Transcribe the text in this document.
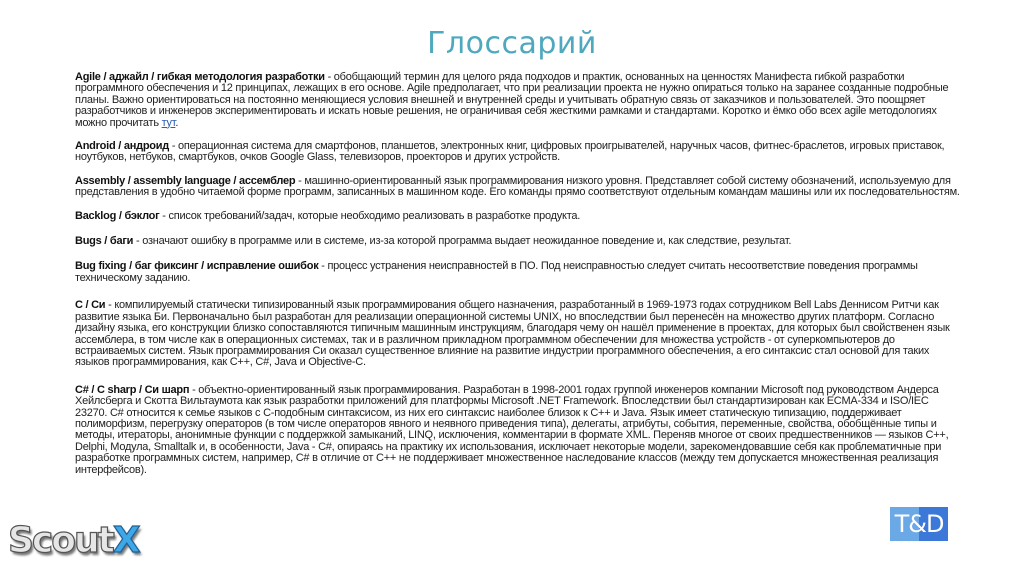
Глоссарий

Agile / аджайл / гибкая методология разработки - обобщающий термин для целого ряда подходов и практик, основанных на ценностях Манифеста гибкой разработки программного обеспечения и 12 принципах, лежащих в его основе. Agile предполагает, что при реализации проекта не нужно опираться только на заранее созданные подробные планы. Важно ориентироваться на постоянно меняющиеся условия внешней и внутренней среды и учитывать обратную связь от заказчиков и пользователей. Это поощряет разработчиков и инженеров экспериментировать и искать новые решения, не ограничивая себя жесткими рамками и стандартами. Коротко и ёмко обо всех agile методологиях можно прочитать тут.

Android / андроид - операционная система для смартфонов, планшетов, электронных книг, цифровых проигрывателей, наручных часов, фитнес-браслетов, игровых приставок, ноутбуков, нетбуков, смартбуков, очков Google Glass, телевизоров, проекторов и других устройств.

Assembly / assembly language / ассемблер - машинно-ориентированный язык программирования низкого уровня. Представляет собой систему обозначений, используемую для представления в удобно читаемой форме программ, записанных в машинном коде. Его команды прямо соответствуют отдельным командам машины или их последовательностям.

Backlog / бэклог - список требований/задач, которые необходимо реализовать в разработке продукта.

Bugs / баги - означают ошибку в программе или в системе, из-за которой программа выдает неожиданное поведение и, как следствие, результат.

Bug fixing / баг фиксинг / исправление ошибок - процесс устранения неисправностей в ПО. Под неисправностью следует считать несоответствие поведения программы техническому заданию.

C / Си - компилируемый статически типизированный язык программирования общего назначения, разработанный в 1969-1973 годах сотрудником Bell Labs Деннисом Ритчи как развитие языка Би. Первоначально был разработан для реализации операционной системы UNIX, но впоследствии был перенесён на множество других платформ. Согласно дизайну языка, его конструкции близко сопоставляются типичным машинным инструкциям, благодаря чему он нашёл применение в проектах, для которых был свойственен язык ассемблера, в том числе как в операционных системах, так и в различном прикладном программном обеспечении для множества устройств - от суперкомпьютеров до встраиваемых систем. Язык программирования Си оказал существенное влияние на развитие индустрии программного обеспечения, а его синтаксис стал основой для таких языков программирования, как C++, C#, Java и Objective-C.

C# / C sharp / Си шарп - объектно-ориентированный язык программирования. Разработан в 1998-2001 годах группой инженеров компании Microsoft под руководством Андерса Хейлсберга и Скотта Вильтаумота как язык разработки приложений для платформы Microsoft .NET Framework. Впоследствии был стандартизирован как ECMA-334 и ISO/IEC 23270. C# относится к семье языков с C-подобным синтаксисом, из них его синтаксис наиболее близок к C++ и Java. Язык имеет статическую типизацию, поддерживает полиморфизм, перегрузку операторов (в том числе операторов явного и неявного приведения типа), делегаты, атрибуты, события, переменные, свойства, обобщённые типы и методы, итераторы, анонимные функции с поддержкой замыканий, LINQ, исключения, комментарии в формате XML. Переняв многое от своих предшественников — языков C++, Delphi, Модула, Smalltalk и, в особенности, Java - C#, опираясь на практику их использования, исключает некоторые модели, зарекомендовавшие себя как проблематичные при разработке программных систем, например, C# в отличие от C++ не поддерживает множественное наследование классов (между тем допускается множественная реализация интерфейсов).

ScoutX	T&D
